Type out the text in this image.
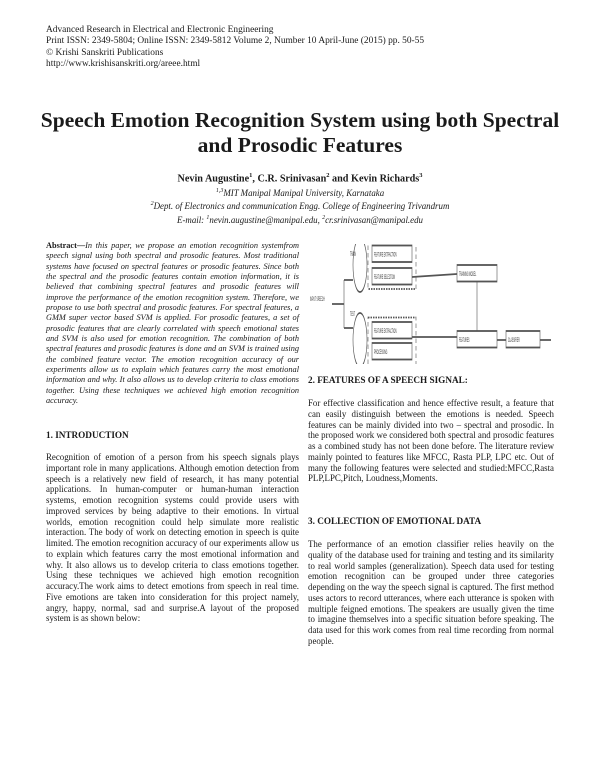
Advanced Research in Electrical and Electronic Engineering
Print ISSN: 2349-5804; Online ISSN: 2349-5812 Volume 2, Number 10 April-June (2015) pp. 50-55
© Krishi Sanskriti Publications
http://www.krishisanskriti.org/areee.html
Speech Emotion Recognition System using both Spectral and Prosodic Features
Nevin Augustine$^1$, C.R. Srinivasan$^2$ and Kevin Richards$^3$
$^{1,3}$MIT Manipal Manipal University, Karnataka
$^2$Dept. of Electronics and communication Engg. College of Engineering Trivandrum
E-mail: $^1$nevin.augustine@manipal.edu, $^2$cr.srinivasan@manipal.edu
Abstract—In this paper, we propose an emotion recognition systemfrom speech signal using both spectral and prosodic features. Most traditional systems have focused on spectral features or prosodic features. Since both the spectral and the prosodic features contain emotion information, it is believed that combining spectral features and prosodic features will improve the performance of the emotion recognition system. Therefore, we propose to use both spectral and prosodic features. For spectral features, a GMM super vector based SVM is applied. For prosodic features, a set of prosodic features that are clearly correlated with speech emotional states and SVM is also used for emotion recognition. The combination of both spectral features and prosodic features is done and an SVM is trained using the combined feature vector. The emotion recognition accuracy of our experiments allow us to explain which features carry the most emotional information and why. It also allows us to develop criteria to class emotions together. Using these techniques we achieved high emotion recognition accuracy.
1. INTRODUCTION
Recognition of emotion of a person from his speech signals plays important role in many applications. Although emotion detection from speech is a relatively new field of research, it has many potential applications. In human-computer or human-human interaction systems, emotion recognition systems could provide users with improved services by being adaptive to their emotions. In virtual worlds, emotion recognition could help simulate more realistic interaction. The body of work on detecting emotion in speech is quite limited. The emotion recognition accuracy of our experiments allow us to explain which features carry the most emotional information and why. It also allows us to develop criteria to class emotions together. Using these techniques we achieved high emotion recognition accuracy.The work aims to detect emotions from speech in real time. Five emotions are taken into consideration for this project namely, angry, happy, normal, sad and surprise.A layout of the proposed system is as shown below:
FEATURE EXTRACTION
FEATURE SELECTION	TRAINING MODEL
FEATURE EXTRACTION
PROCESSING
FEATURES	CLASSIFIER
TRAIN
TEST
INPUT SPEECH
2. FEATURES OF A SPEECH SIGNAL:
For effective classification and hence effective result, a feature that can easily distinguish between the emotions is needed. Speech features can be mainly divided into two – spectral and prosodic. In the proposed work we considered both spectral and prosodic features as a combined study has not been done before. The literature review mainly pointed to features like MFCC, Rasta PLP, LPC etc. Out of many the following features were selected and studied:MFCC,Rasta PLP,LPC,Pitch, Loudness,Moments.
3. COLLECTION OF EMOTIONAL DATA
The performance of an emotion classifier relies heavily on the quality of the database used for training and testing and its similarity to real world samples (generalization). Speech data used for testing emotion recognition can be grouped under three categories depending on the way the speech signal is captured. The first method uses actors to record utterances, where each utterance is spoken with multiple feigned emotions. The speakers are usually given the time to imagine themselves into a specific situation before speaking. The data used for this work comes from real time recording from normal people.
